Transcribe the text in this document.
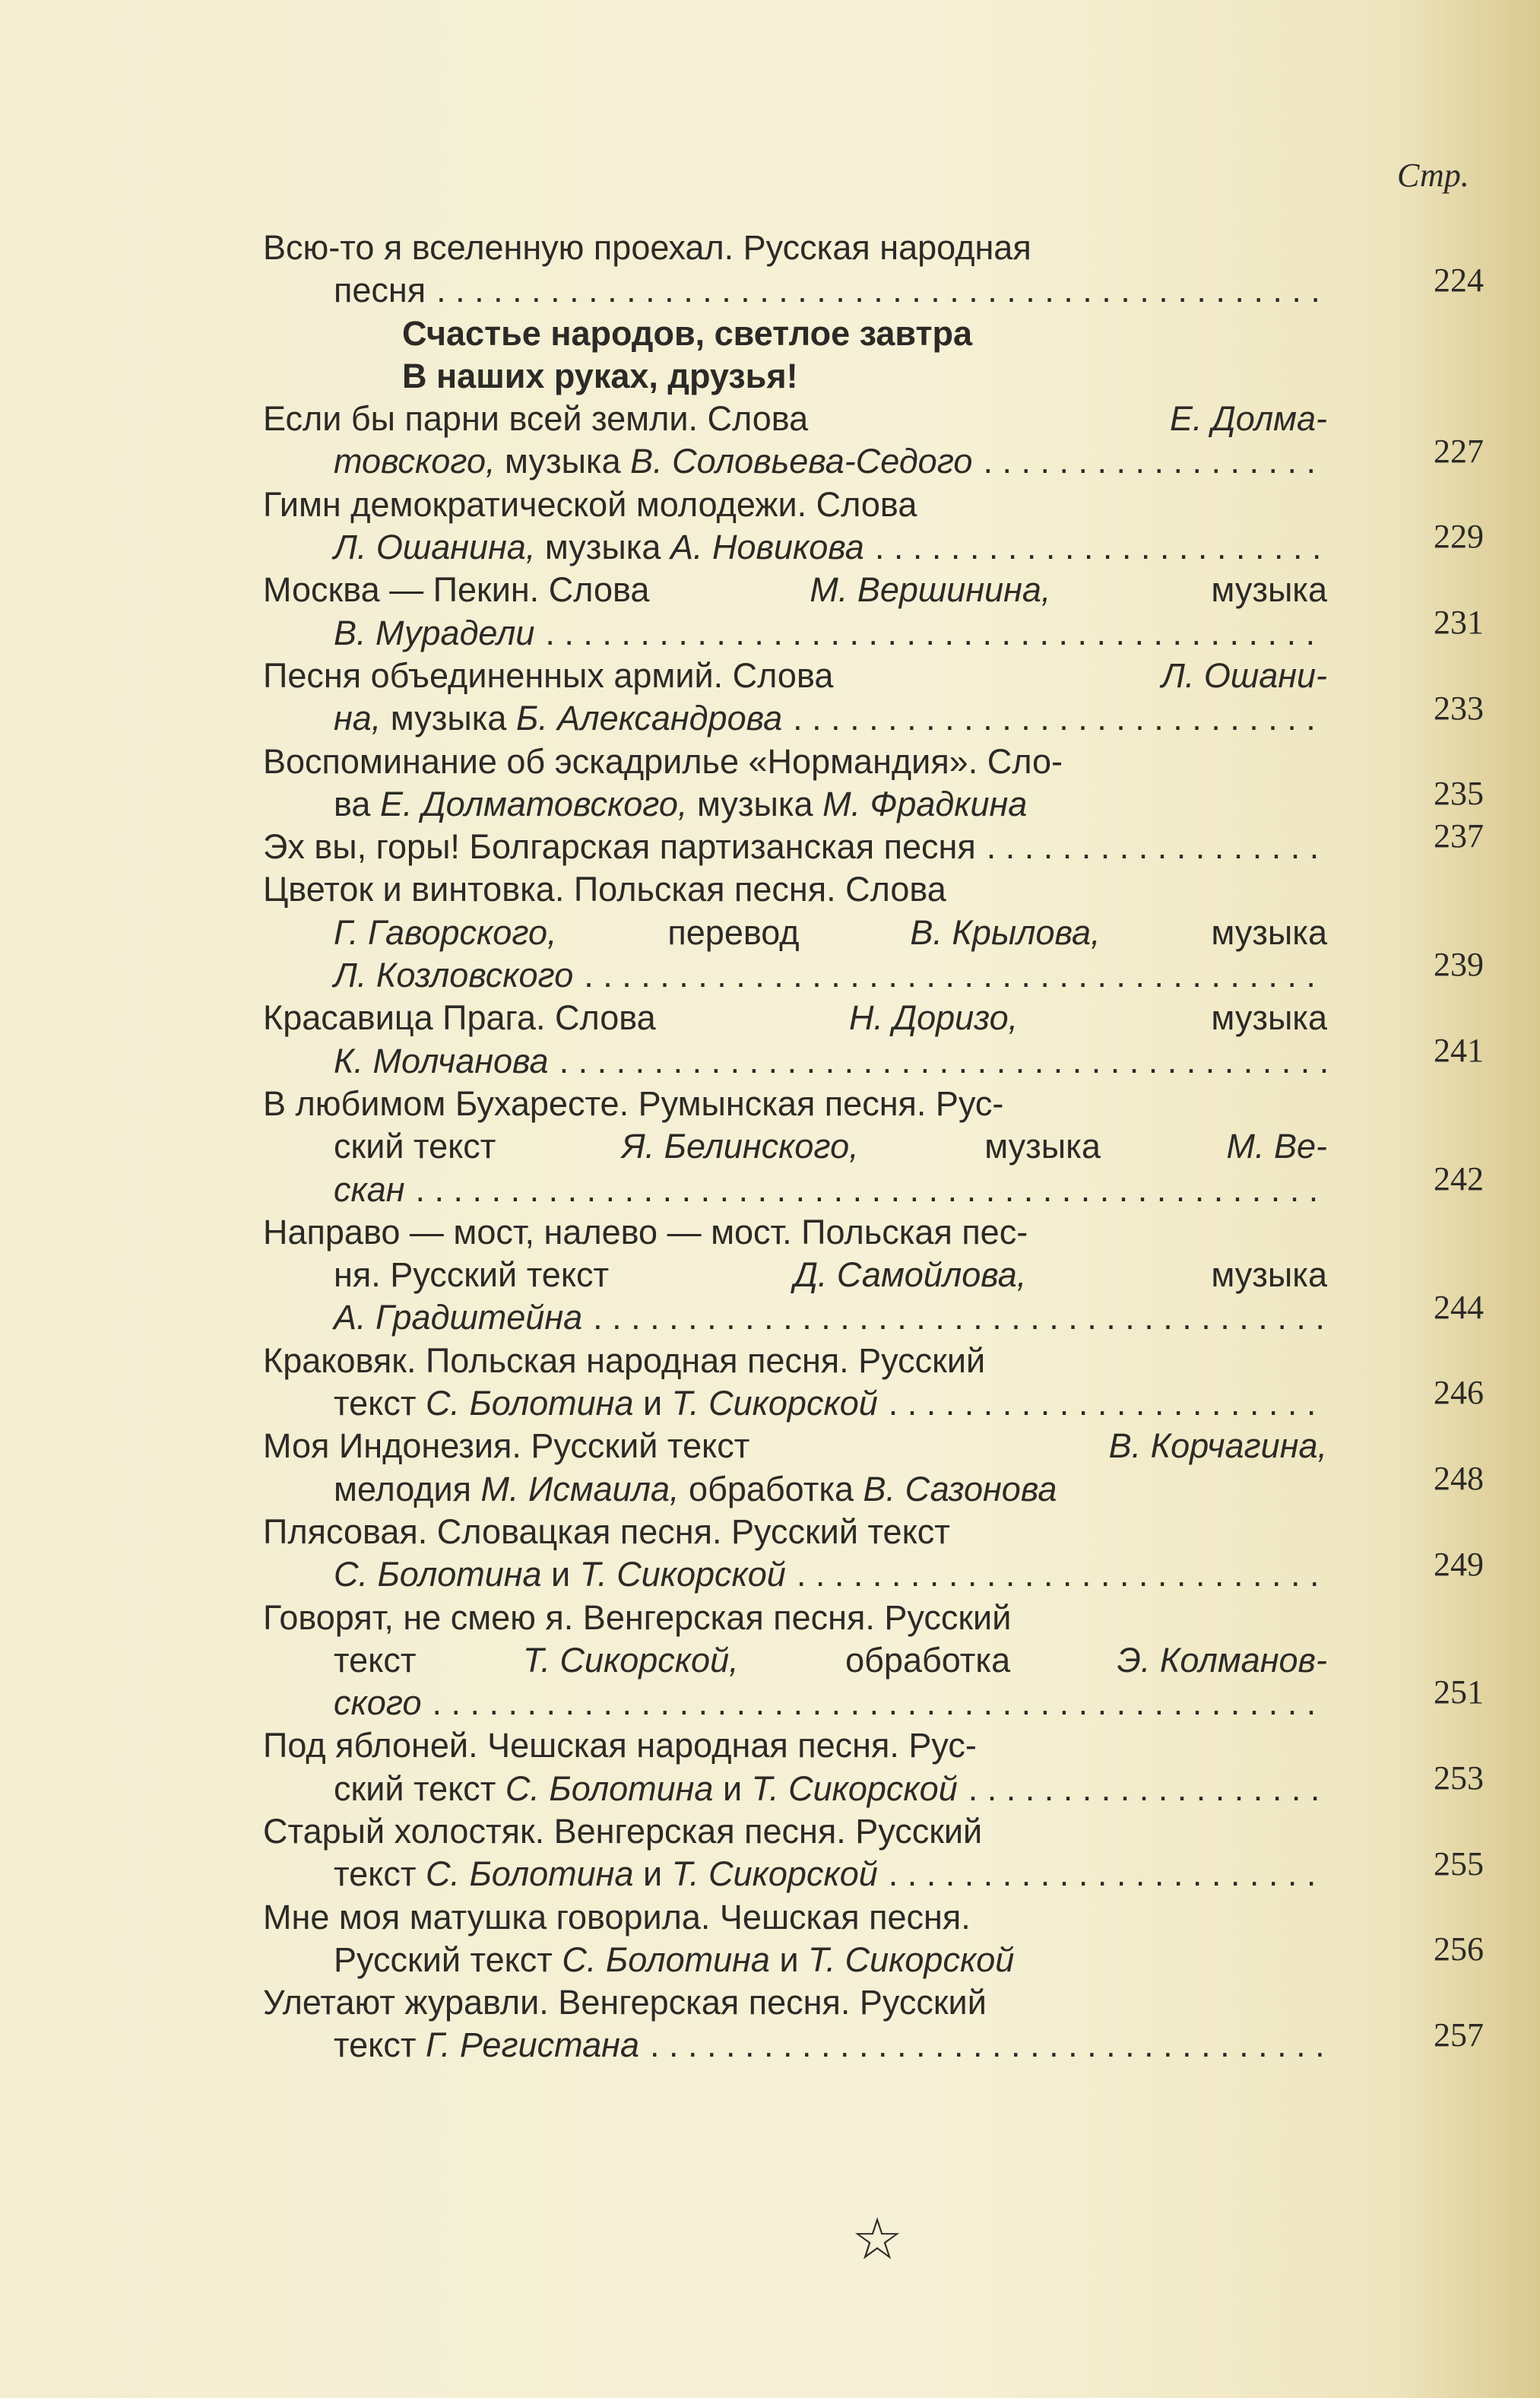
Стр.
Всю-то я вселенную проехал. Русская народная
песня . . .	224
Счастье народов, светлое завтра
В наших руках, друзья!
Если бы парни всей земли. Слова	Е. Долма-
товского, музыка В. Соловьева-Седого . . .	227
Гимн демократической молодежи. Слова
Л. Ошанина, музыка А. Новикова . . .	229
Москва — Пекин. Слова	М. Вершинина,	музыка
В. Мурадели . . .	231
Песня объединенных армий. Слова	Л. Ошани-
на, музыка Б. Александрова . . .	233
Воспоминание об эскадрилье «Нормандия». Сло-
ва Е. Долматовского, музыка М. Фрадкина	235
Эх вы, горы! Болгарская партизанская песня . . .	237
Цветок и винтовка. Польская песня. Слова
Г. Гаворского,	перевод	В. Крылова,	музыка
Л. Козловского . . .	239
Красавица Прага. Слова	Н. Доризо,	музыка
К. Молчанова . . .	241
В любимом Бухаресте. Румынская песня. Рус-
ский текст	Я. Белинского,	музыка	М. Ве-
скан . . .	242
Направо — мост, налево — мост. Польская пес-
ня. Русский текст	Д. Самойлова,	музыка
А. Градштейна . . .	244
Краковяк. Польская народная песня. Русский
текст С. Болотина и Т. Сикорской . . .	246
Моя Индонезия. Русский текст	В. Корчагина,
мелодия М. Исмаила, обработка В. Сазонова	248
Плясовая. Словацкая песня. Русский текст
С. Болотина и Т. Сикорской . . .	249
Говорят, не смею я. Венгерская песня. Русский
текст	Т. Сикорской,	обработка	Э. Колманов-
ского . . .	251
Под яблоней. Чешская народная песня. Рус-
ский текст С. Болотина и Т. Сикорской . . .	253
Старый холостяк. Венгерская песня. Русский
текст С. Болотина и Т. Сикорской . . .	255
Мне моя матушка говорила. Чешская песня.
Русский текст С. Болотина и Т. Сикорской	256
Улетают журавли. Венгерская песня. Русский
текст Г. Регистана . . .	257
☆
